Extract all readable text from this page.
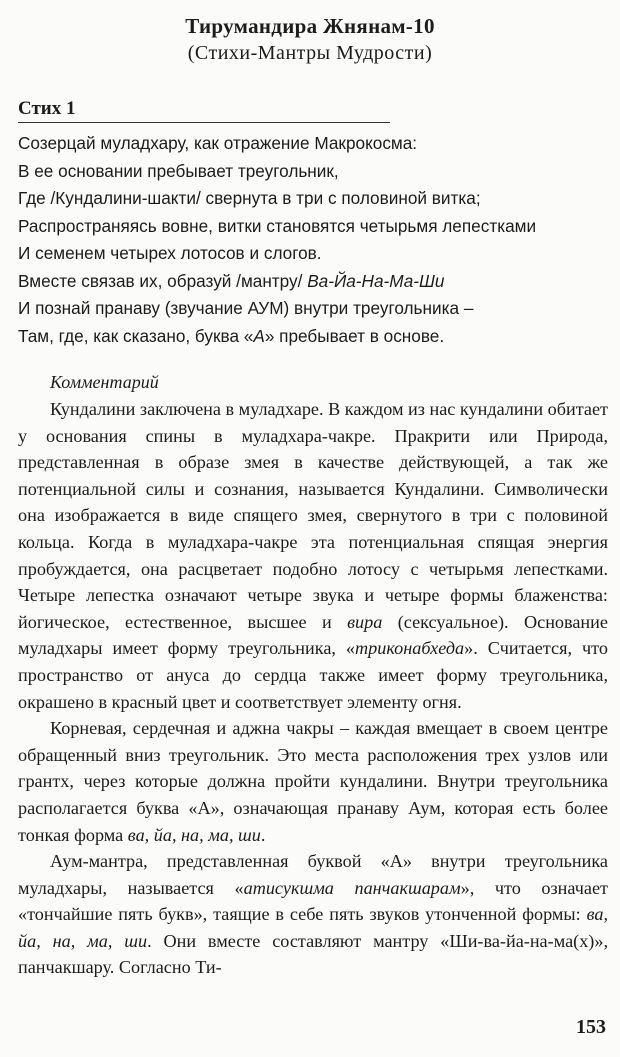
Тирумандира Жнянам-10
(Стихи-Мантры Мудрости)
Стих 1
Созерцай муладхару, как отражение Макрокосма:
В ее основании пребывает треугольник,
Где /Кундалини-шакти/ свернута в три с половиной витка;
Распространяясь вовне, витки становятся четырьмя лепестками
И семенем четырех лотосов и слогов.
Вместе связав их, образуй /мантру/ Ва-Йа-На-Ма-Ши
И познай пранаву (звучание АУМ) внутри треугольника –
Там, где, как сказано, буква «А» пребывает в основе.
Комментарий

Кундалини заключена в муладхаре. В каждом из нас кундалини обитает у основания спины в муладхара-чакре. Пракрити или Природа, представленная в образе змея в качестве действующей, а так же потенциальной силы и сознания, называется Кундалини. Символически она изображается в виде спящего змея, свернутого в три с половиной кольца. Когда в муладхара-чакре эта потенциальная спящая энергия пробуждается, она расцветает подобно лотосу с четырьмя лепестками. Четыре лепестка означают четыре звука и четыре формы блаженства: йогическое, естественное, высшее и вира (сексуальное). Основание муладхары имеет форму треугольника, «триконабхеда». Считается, что пространство от ануса до сердца также имеет форму треугольника, окрашено в красный цвет и соответствует элементу огня.

Корневая, сердечная и аджна чакры – каждая вмещает в своем центре обращенный вниз треугольник. Это места расположения трех узлов или грантх, через которые должна пройти кундалини. Внутри треугольника располагается буква «А», означающая пранаву Аум, которая есть более тонкая форма ва, йа, на, ма, ши.

Аум-мантра, представленная буквой «А» внутри треугольника муладхары, называется «атисукшма панчакшарам», что означает «тончайшие пять букв», таящие в себе пять звуков утонченной формы: ва, йа, на, ма, ши. Они вместе составляют мантру «Ши-ва-йа-на-ма(х)», панчакшару. Согласно Ти-

153
